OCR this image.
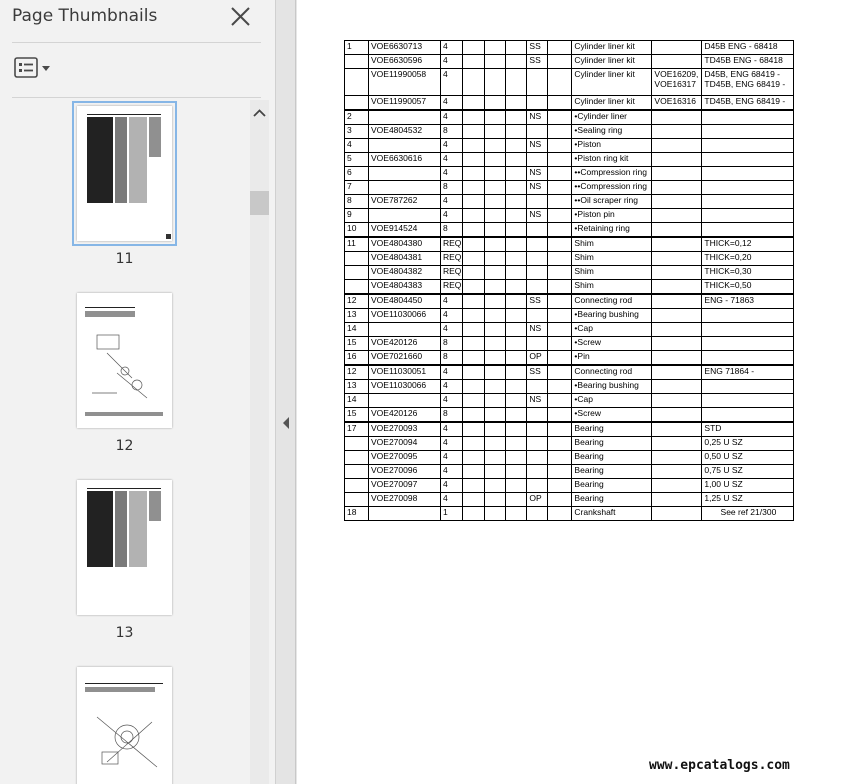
Page Thumbnails
11
12
13
1	VOE6630713	4				SS		Cylinder liner kit		D45B ENG - 68418
	VOE6630596	4				SS		Cylinder liner kit		TD45B ENG - 68418
	VOE11990058	4						Cylinder liner kit	VOE16209, VOE16317	D45B, ENG 68419 - TD45B, ENG 68419 -
	VOE11990057	4						Cylinder liner kit	VOE16316	TD45B, ENG 68419 -
2		4				NS		•Cylinder liner		
3	VOE4804532	8						•Sealing ring		
4		4				NS		•Piston		
5	VOE6630616	4						•Piston ring kit		
6		4				NS		••Compression ring		
7		8				NS		••Compression ring		
8	VOE787262	4						••Oil scraper ring		
9		4				NS		•Piston pin		
10	VOE914524	8						•Retaining ring		
11	VOE4804380	REQ						Shim		THICK=0,12
	VOE4804381	REQ						Shim		THICK=0,20
	VOE4804382	REQ						Shim		THICK=0,30
	VOE4804383	REQ						Shim		THICK=0,50
12	VOE4804450	4				SS		Connecting rod		ENG - 71863
13	VOE11030066	4						•Bearing bushing		
14		4				NS		•Cap		
15	VOE420126	8						•Screw		
16	VOE7021660	8				OP		•Pin		
12	VOE11030051	4				SS		Connecting rod		ENG 71864 -
13	VOE11030066	4						•Bearing bushing		
14		4				NS		•Cap		
15	VOE420126	8						•Screw		
17	VOE270093	4						Bearing		STD
	VOE270094	4						Bearing		0,25 U SZ
	VOE270095	4						Bearing		0,50 U SZ
	VOE270096	4						Bearing		0,75 U SZ
	VOE270097	4						Bearing		1,00 U SZ
	VOE270098	4				OP		Bearing		1,25 U SZ
18		1						Crankshaft		See ref 21/300
www.epcatalogs.com
